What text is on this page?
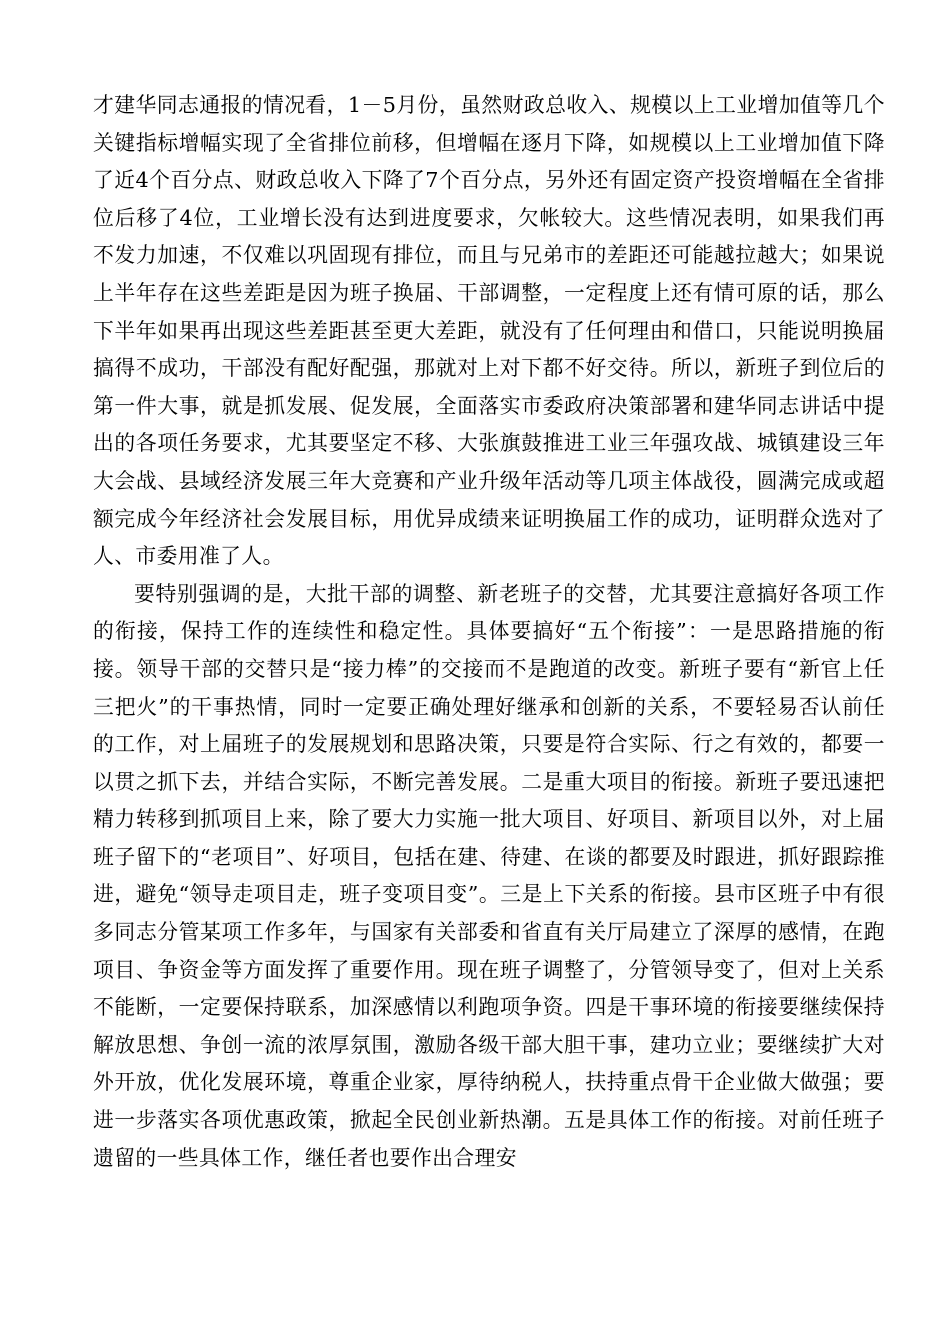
才建华同志通报的情况看，1－5月份，虽然财政总收入、规模以上工业增加值等几个关键指标增幅实现了全省排位前移，但增幅在逐月下降，如规模以上工业增加值下降了近4个百分点、财政总收入下降了7个百分点，另外还有固定资产投资增幅在全省排位后移了4位，工业增长没有达到进度要求，欠帐较大。这些情况表明，如果我们再不发力加速，不仅难以巩固现有排位，而且与兄弟市的差距还可能越拉越大；如果说上半年存在这些差距是因为班子换届、干部调整，一定程度上还有情可原的话，那么下半年如果再出现这些差距甚至更大差距，就没有了任何理由和借口，只能说明换届搞得不成功，干部没有配好配强，那就对上对下都不好交待。所以，新班子到位后的第一件大事，就是抓发展、促发展，全面落实市委政府决策部署和建华同志讲话中提出的各项任务要求，尤其要坚定不移、大张旗鼓推进工业三年强攻战、城镇建设三年大会战、县域经济发展三年大竞赛和产业升级年活动等几项主体战役，圆满完成或超额完成今年经济社会发展目标，用优异成绩来证明换届工作的成功，证明群众选对了人、市委用准了人。

要特别强调的是，大批干部的调整、新老班子的交替，尤其要注意搞好各项工作的衔接，保持工作的连续性和稳定性。具体要搞好“五个衔接”：一是思路措施的衔接。领导干部的交替只是“接力棒”的交接而不是跑道的改变。新班子要有“新官上任三把火”的干事热情，同时一定要正确处理好继承和创新的关系，不要轻易否认前任的工作，对上届班子的发展规划和思路决策，只要是符合实际、行之有效的，都要一以贯之抓下去，并结合实际，不断完善发展。二是重大项目的衔接。新班子要迅速把精力转移到抓项目上来，除了要大力实施一批大项目、好项目、新项目以外，对上届班子留下的“老项目”、好项目，包括在建、待建、在谈的都要及时跟进，抓好跟踪推进，避免“领导走项目走，班子变项目变”。三是上下关系的衔接。县市区班子中有很多同志分管某项工作多年，与国家有关部委和省直有关厅局建立了深厚的感情，在跑项目、争资金等方面发挥了重要作用。现在班子调整了，分管领导变了，但对上关系不能断，一定要保持联系，加深感情以利跑项争资。四是干事环境的衔接要继续保持解放思想、争创一流的浓厚氛围，激励各级干部大胆干事，建功立业；要继续扩大对外开放，优化发展环境，尊重企业家，厚待纳税人，扶持重点骨干企业做大做强；要进一步落实各项优惠政策，掀起全民创业新热潮。五是具体工作的衔接。对前任班子遗留的一些具体工作，继任者也要作出合理安
